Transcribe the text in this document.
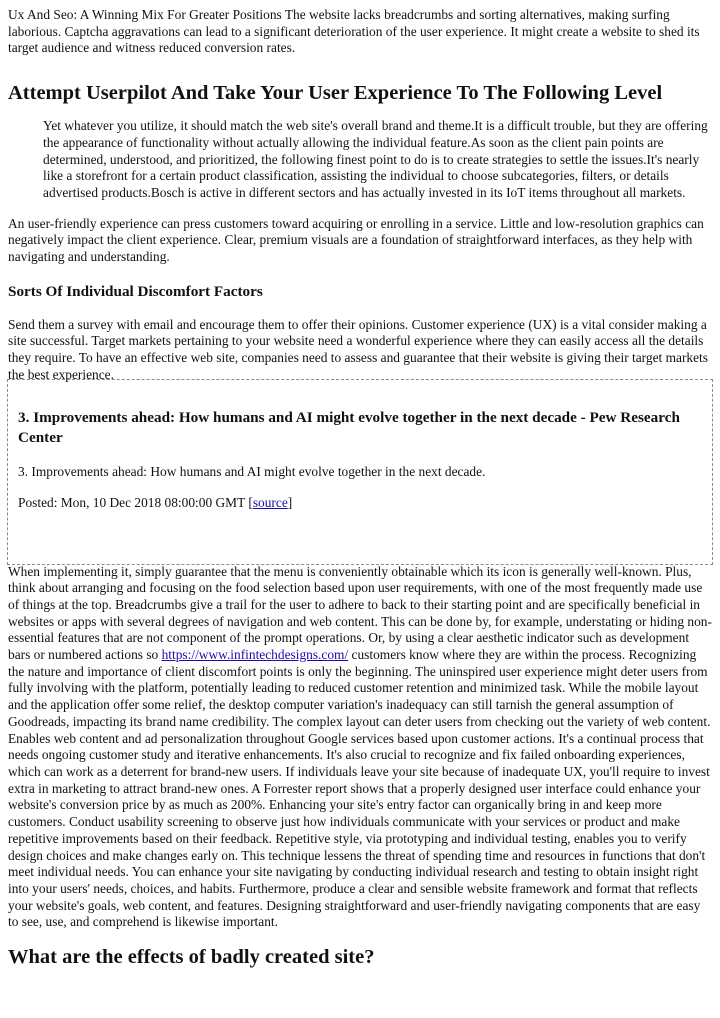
Ux And Seo: A Winning Mix For Greater Positions The website lacks breadcrumbs and sorting alternatives, making surfing laborious. Captcha aggravations can lead to a significant deterioration of the user experience. It might create a website to shed its target audience and witness reduced conversion rates.

Attempt Userpilot And Take Your User Experience To The Following Level
Yet whatever you utilize, it should match the web site's overall brand and theme.It is a difficult trouble, but they are offering the appearance of functionality without actually allowing the individual feature.As soon as the client pain points are determined, understood, and prioritized, the following finest point to do is to create strategies to settle the issues.It's nearly like a storefront for a certain product classification, assisting the individual to choose subcategories, filters, or details advertised products.Bosch is active in different sectors and has actually invested in its IoT items throughout all markets.

An user-friendly experience can press customers toward acquiring or enrolling in a service. Little and low-resolution graphics can negatively impact the client experience. Clear, premium visuals are a foundation of straightforward interfaces, as they help with navigating and understanding.

Sorts Of Individual Discomfort Factors

Send them a survey with email and encourage them to offer their opinions. Customer experience (UX) is a vital consider making a site successful. Target markets pertaining to your website need a wonderful experience where they can easily access all the details they require. To have an effective web site, companies need to assess and guarantee that their website is giving their target markets the best experience.

3. Improvements ahead: How humans and AI might evolve together in the next decade - Pew Research Center

3. Improvements ahead: How humans and AI might evolve together in the next decade.

Posted: Mon, 10 Dec 2018 08:00:00 GMT [source]

When implementing it, simply guarantee that the menu is conveniently obtainable which its icon is generally well-known. Plus, think about arranging and focusing on the food selection based upon user requirements, with one of the most frequently made use of things at the top. Breadcrumbs give a trail for the user to adhere to back to their starting point and are specifically beneficial in websites or apps with several degrees of navigation and web content. This can be done by, for example, understating or hiding non-essential features that are not component of the prompt operations. Or, by using a clear aesthetic indicator such as development bars or numbered actions so https://www.infintechdesigns.com/ customers know where they are within the process. Recognizing the nature and importance of client discomfort points is only the beginning. The uninspired user experience might deter users from fully involving with the platform, potentially leading to reduced customer retention and minimized task. While the mobile layout and the application offer some relief, the desktop computer variation's inadequacy can still tarnish the general assumption of Goodreads, impacting its brand name credibility. The complex layout can deter users from checking out the variety of web content. Enables web content and ad personalization throughout Google services based upon customer actions. It's a continual process that needs ongoing customer study and iterative enhancements. It's also crucial to recognize and fix failed onboarding experiences, which can work as a deterrent for brand-new users. If individuals leave your site because of inadequate UX, you'll require to invest extra in marketing to attract brand-new ones. A Forrester report shows that a properly designed user interface could enhance your website's conversion price by as much as 200%. Enhancing your site's entry factor can organically bring in and keep more customers. Conduct usability screening to observe just how individuals communicate with your services or product and make repetitive improvements based on their feedback. Repetitive style, via prototyping and individual testing, enables you to verify design choices and make changes early on. This technique lessens the threat of spending time and resources in functions that don't meet individual needs. You can enhance your site navigating by conducting individual research and testing to obtain insight right into your users' needs, choices, and habits. Furthermore, produce a clear and sensible website framework and format that reflects your website's goals, web content, and features. Designing straightforward and user-friendly navigating components that are easy to see, use, and comprehend is likewise important.

What are the effects of badly created site?
